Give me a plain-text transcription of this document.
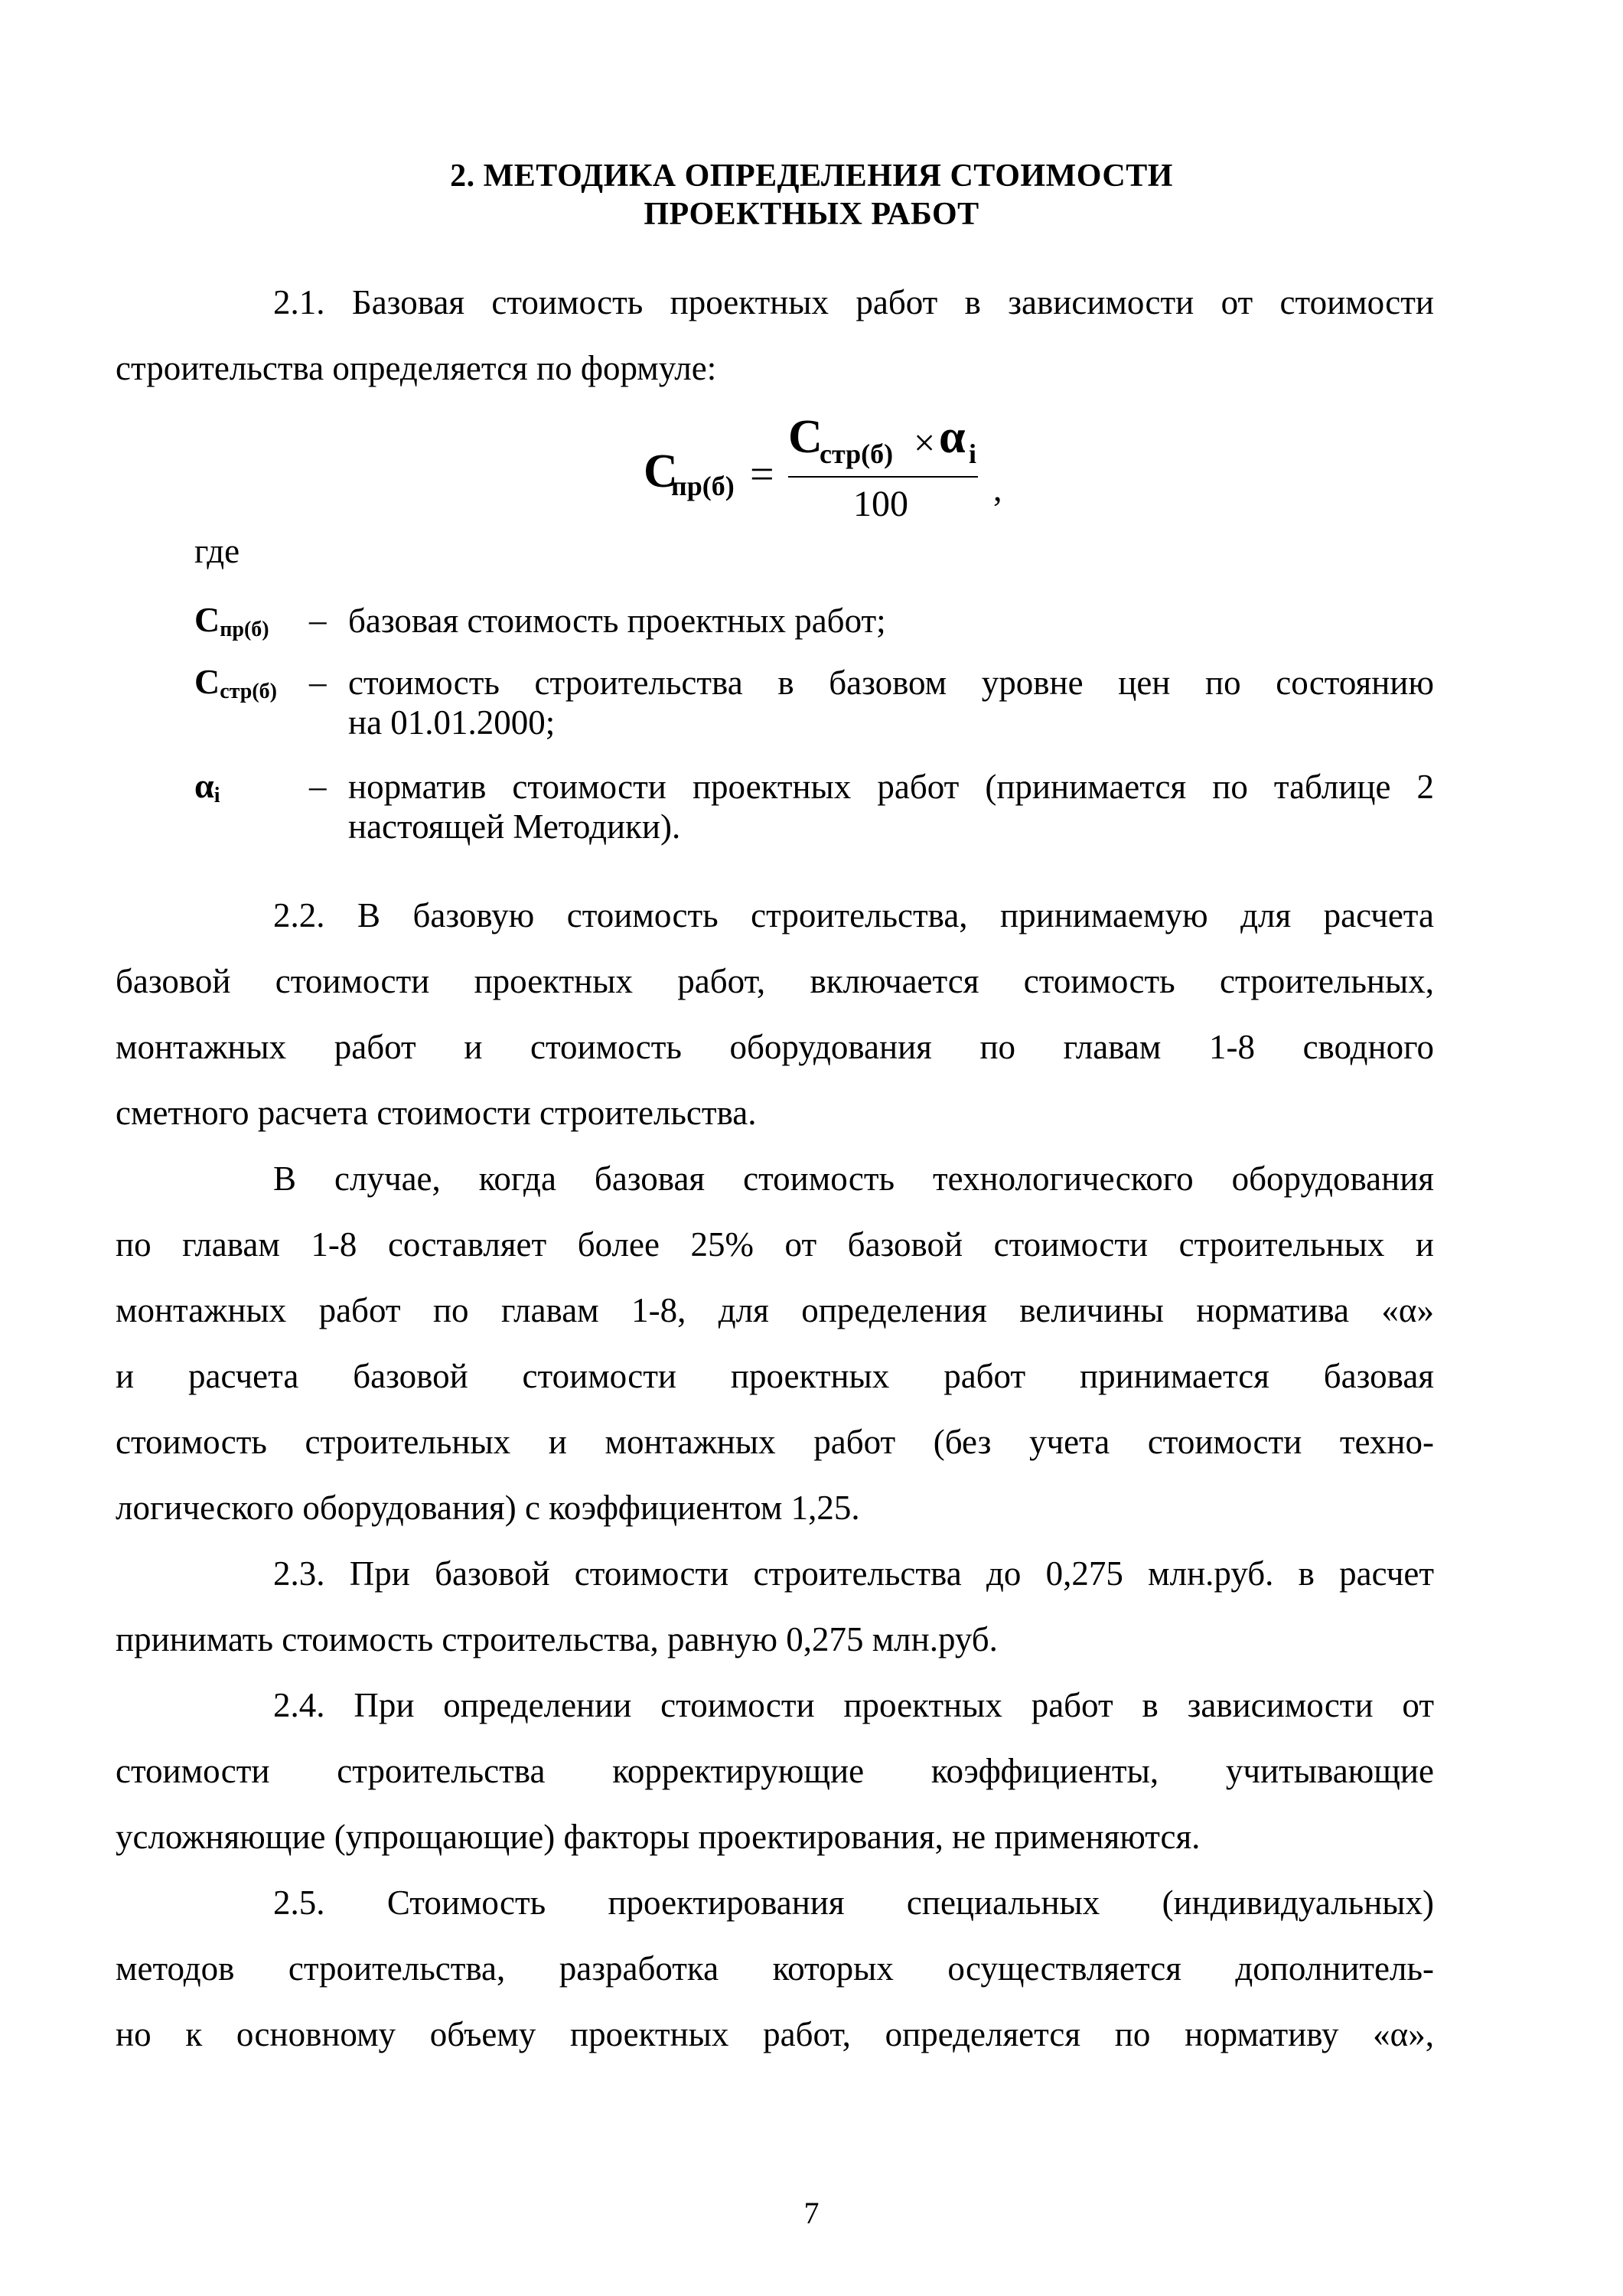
2. МЕТОДИКА ОПРЕДЕЛЕНИЯ СТОИМОСТИ
ПРОЕКТНЫХ РАБОТ
2.1. Базовая стоимость проектных работ в зависимости от стоимости
строительства определяется по формуле:
С
пр(б) =
С
стр(б) × α i
100 ,
где
$С_{пр(б)}$ – базовая стоимость проектных работ;
$С_{стр(б)}$ – стоимость строительства в базовом уровне цен по состоянию
на 01.01.2000;
$\alpha_i$	– норматив стоимости проектных работ (принимается по таблице 2
настоящей Методики).
2.2. В базовую стоимость строительства, принимаемую для расчета
базовой стоимости проектных работ, включается стоимость строительных,
монтажных работ и стоимость оборудования по главам 1-8 сводного
сметного расчета стоимости строительства.
В случае, когда базовая стоимость технологического оборудования
по главам 1-8 составляет более 25% от базовой стоимости строительных и
монтажных работ по главам 1-8, для определения величины норматива «α»
и расчета базовой стоимости проектных работ принимается базовая
стоимость строительных и монтажных работ (без учета стоимости техно-
логического оборудования) с коэффициентом 1,25.
2.3. При базовой стоимости строительства до 0,275 млн.руб. в расчет
принимать стоимость строительства, равную 0,275 млн.руб.
2.4. При определении стоимости проектных работ в зависимости от
стоимости строительства корректирующие коэффициенты, учитывающие
усложняющие (упрощающие) факторы проектирования, не применяются.
2.5. Стоимость проектирования специальных (индивидуальных)
методов строительства, разработка которых осуществляется дополнитель-
но к основному объему проектных работ, определяется по нормативу «α»,
7
